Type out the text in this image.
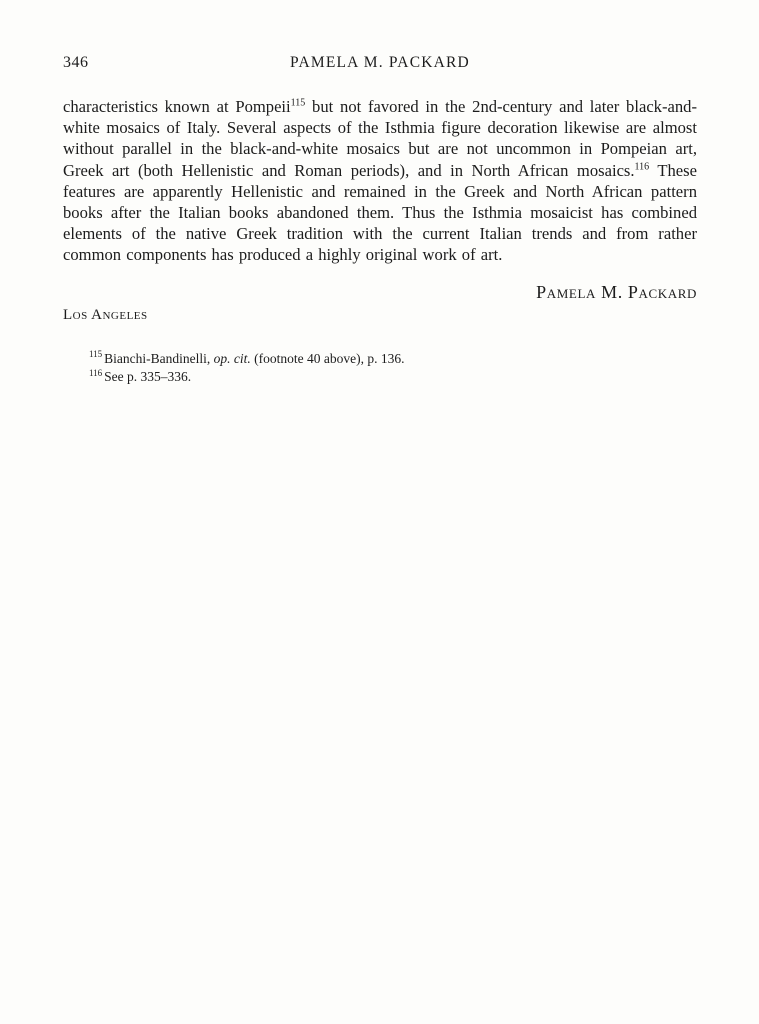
346	PAMELA M. PACKARD

characteristics known at Pompeii$^{115}$ but not favored in the 2nd-century and later black-and-white mosaics of Italy. Several aspects of the Isthmia figure decoration likewise are almost without parallel in the black-and-white mosaics but are not uncommon in Pompeian art, Greek art (both Hellenistic and Roman periods), and in North African mosaics.$^{116}$ These features are apparently Hellenistic and remained in the Greek and North African pattern books after the Italian books abandoned them. Thus the Isthmia mosaicist has combined elements of the native Greek tradition with the current Italian trends and from rather common components has produced a highly original work of art.

Pamela M. Packard
Los Angeles

$^{115}$ Bianchi-Bandinelli, op. cit. (footnote 40 above), p. 136.

$^{116}$ See p. 335–336.
